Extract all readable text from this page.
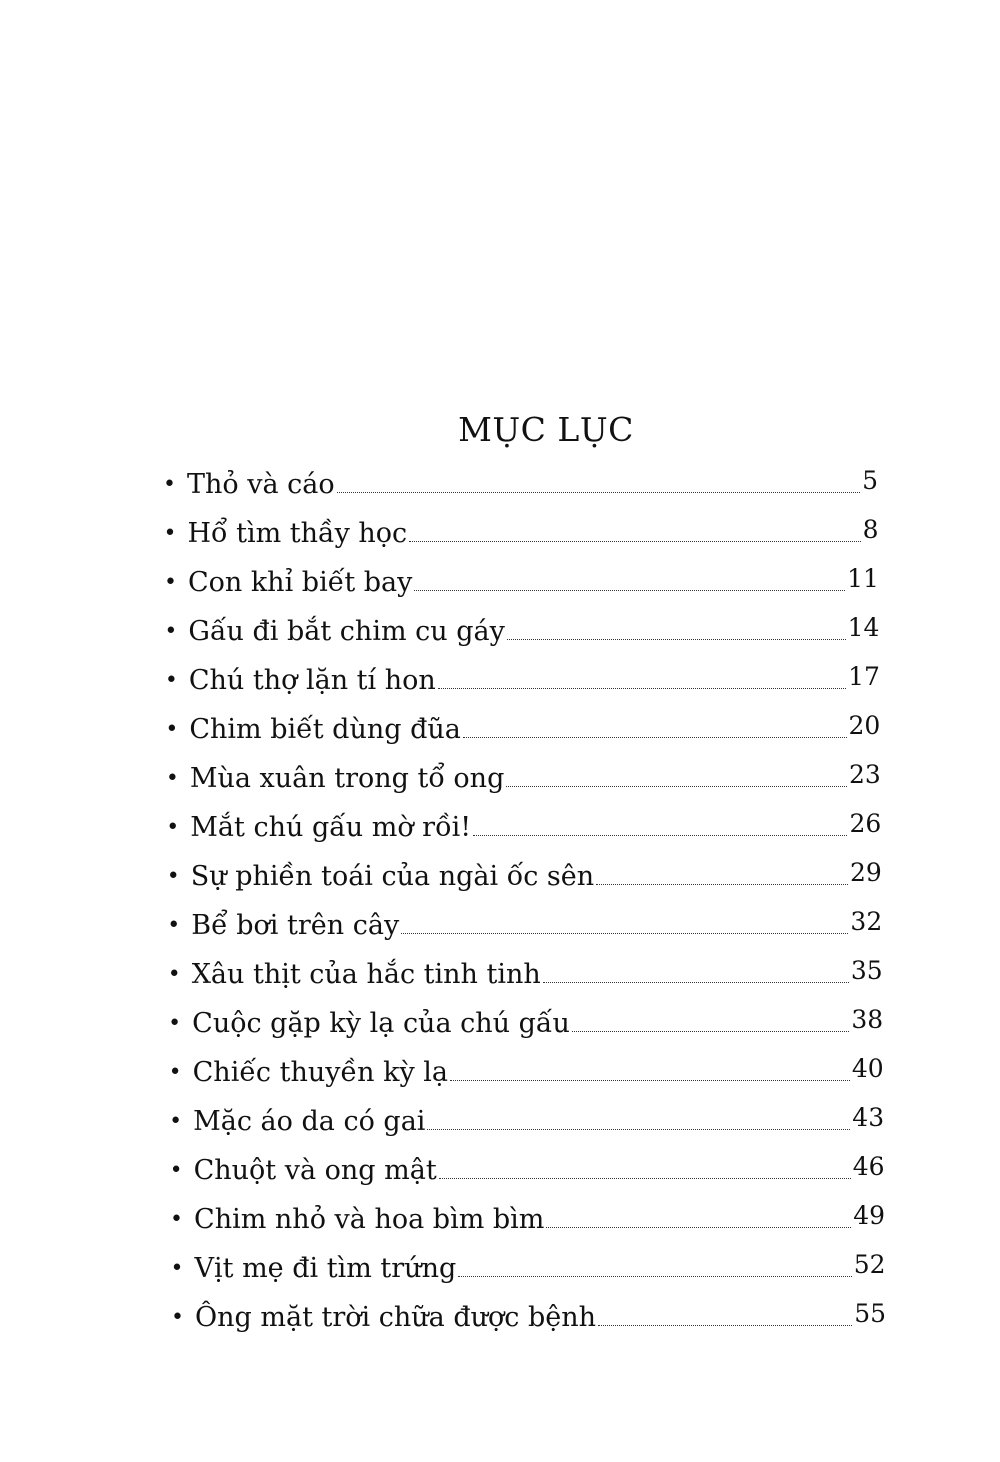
MỤC LỤC
• Thỏ và cáo	5
• Hổ tìm thầy học	8
• Con khỉ biết bay	11
• Gấu đi bắt chim cu gáy	14
• Chú thợ lặn tí hon	17
• Chim biết dùng đũa	20
• Mùa xuân trong tổ ong	23
• Mắt chú gấu mờ rồi!	26
• Sự phiền toái của ngài ốc sên	29
• Bể bơi trên cây	32
• Xâu thịt của hắc tinh tinh	35
• Cuộc gặp kỳ lạ của chú gấu	38
• Chiếc thuyền kỳ lạ	40
• Mặc áo da có gai	43
• Chuột và ong mật	46
• Chim nhỏ và hoa bìm bìm	49
• Vịt mẹ đi tìm trứng	52
• Ông mặt trời chữa được bệnh	55
